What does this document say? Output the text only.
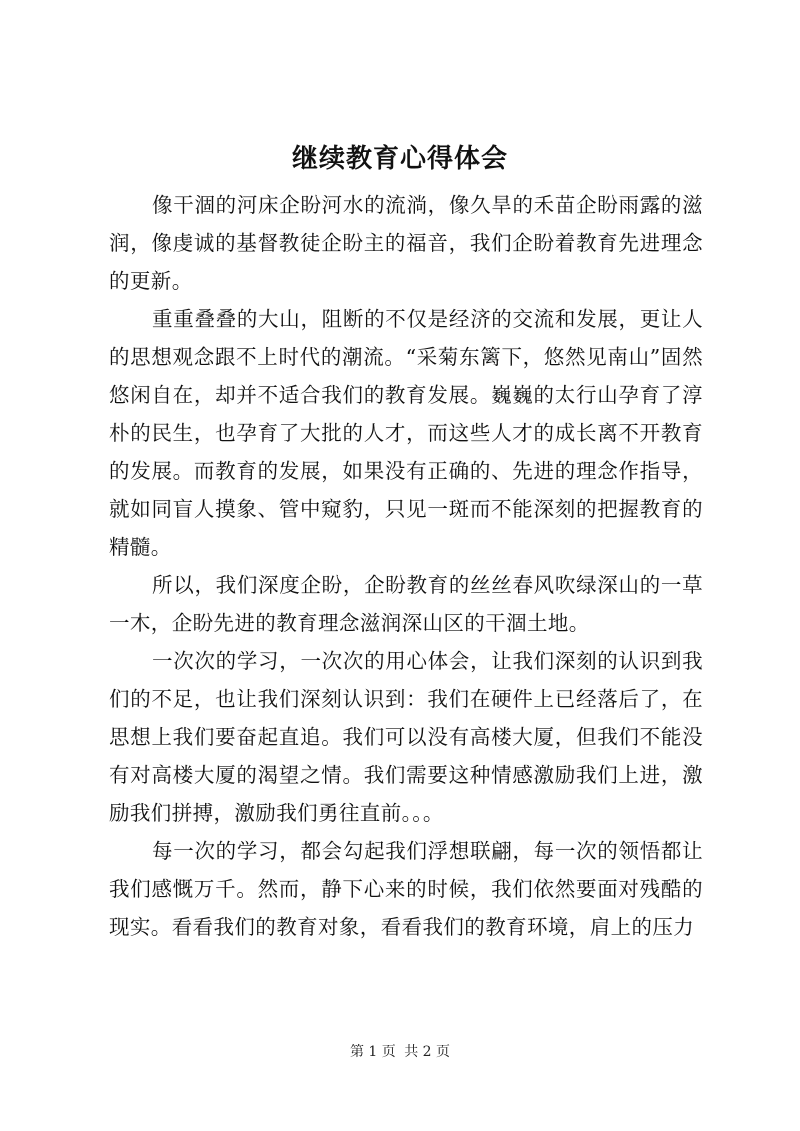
继续教育心得体会

像干涸的河床企盼河水的流淌，像久旱的禾苗企盼雨露的滋润，像虔诚的基督教徒企盼主的福音，我们企盼着教育先进理念的更新。

重重叠叠的大山，阻断的不仅是经济的交流和发展，更让人的思想观念跟不上时代的潮流。“采菊东篱下，悠然见南山”固然悠闲自在，却并不适合我们的教育发展。巍巍的太行山孕育了淳朴的民生，也孕育了大批的人才，而这些人才的成长离不开教育的发展。而教育的发展，如果没有正确的、先进的理念作指导，就如同盲人摸象、管中窥豹，只见一斑而不能深刻的把握教育的精髓。

所以，我们深度企盼，企盼教育的丝丝春风吹绿深山的一草一木，企盼先进的教育理念滋润深山区的干涸土地。

一次次的学习，一次次的用心体会，让我们深刻的认识到我们的不足，也让我们深刻认识到：我们在硬件上已经落后了，在思想上我们要奋起直追。我们可以没有高楼大厦，但我们不能没有对高楼大厦的渴望之情。我们需要这种情感激励我们上进，激励我们拼搏，激励我们勇往直前。。。

每一次的学习，都会勾起我们浮想联翩，每一次的领悟都让我们感慨万千。然而，静下心来的时候，我们依然要面对残酷的现实。看看我们的教育对象，看看我们的教育环境，肩上的压力

第 1 页 共 2 页
